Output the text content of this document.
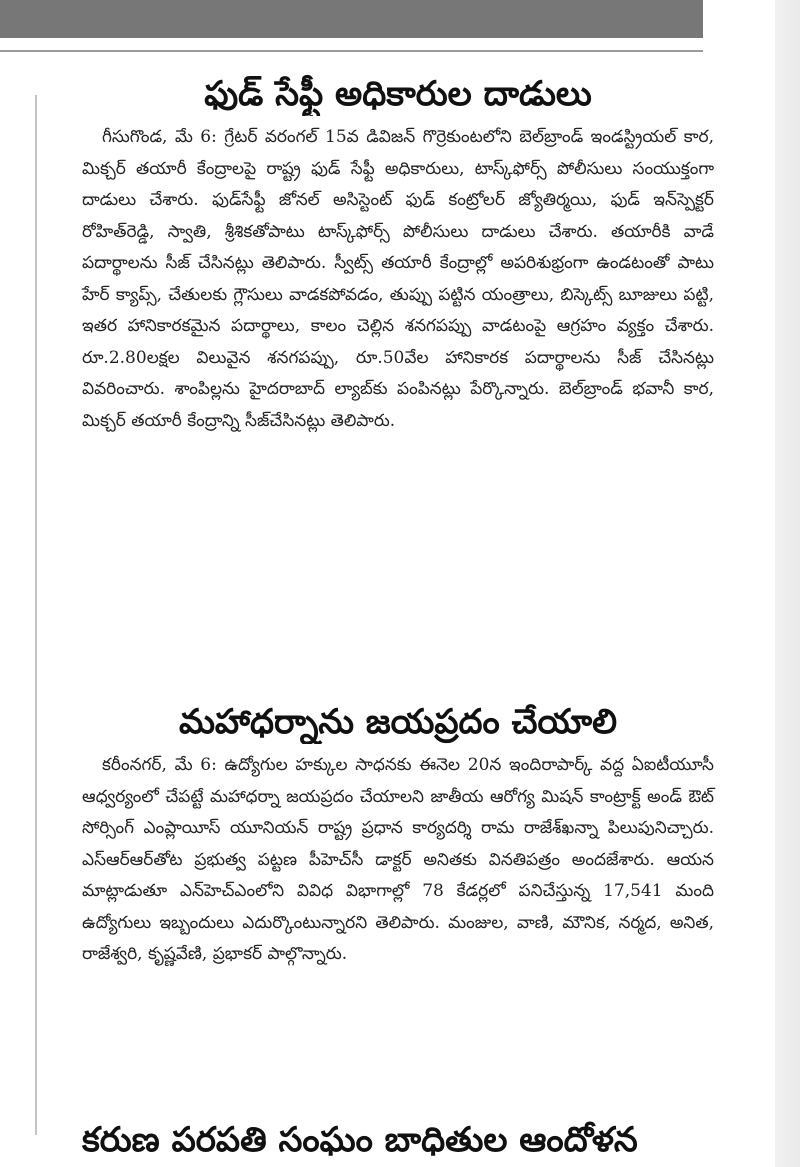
ఫుడ్ సేఫ్టీ అధికారుల దాడులు

గీసుగొండ, మే 6: గ్రేటర్ వరంగల్ 15వ డివిజన్ గొర్రెకుంటలోని బెల్‌బ్రాండ్ ఇండస్ట్రియల్ కార, మిక్చర్ తయారీ కేంద్రాలపై రాష్ట్ర ఫుడ్ సేఫ్టీ అధికారులు, టాస్క్‌ఫోర్స్ పోలీసులు సంయుక్తంగా దాడులు చేశారు. ఫుడ్‌సేఫ్టీ జోనల్ అసిస్టెంట్ ఫుడ్ కంట్రోలర్ జ్యోతిర్మయి, ఫుడ్ ఇన్‌స్పెక్టర్ రోహిత్‌రెడ్డి, స్వాతి, శ్రీశికతోపాటు టాస్క్‌ఫోర్స్ పోలీసులు దాడులు చేశారు. తయారీకి వాడే పదార్థాలను సీజ్ చేసినట్లు తెలిపారు. స్వీట్స్ తయారీ కేంద్రాల్లో అపరిశుభ్రంగా ఉండటంతో పాటు హేర్ క్యాప్స్, చేతులకు గ్లౌసులు వాడకపోవడం, తుప్పు పట్టిన యంత్రాలు, బిస్కెట్స్ బూజులు పట్టి, ఇతర హానికారకమైన పదార్థాలు, కాలం చెల్లిన శనగపప్పు వాడటంపై ఆగ్రహం వ్యక్తం చేశారు. రూ.2.80లక్షల విలువైన శనగపప్పు, రూ.50వేల హానికారక పదార్థాలను సీజ్ చేసినట్లు వివరించారు. శాంపిల్లను హైదరాబాద్ ల్యాబ్‌కు పంపినట్లు పేర్కొన్నారు. బెల్‌బ్రాండ్ భవానీ కార, మిక్చర్ తయారీ కేంద్రాన్ని సీజ్‌చేసినట్లు తెలిపారు.

మహాధర్నాను జయప్రదం చేయాలి

కరీంనగర్, మే 6: ఉద్యోగుల హక్కుల సాధనకు ఈనెల 20న ఇందిరాపార్క్ వద్ద ఏఐటీయూసీ ఆధ్వర్యంలో చేపట్టే మహాధర్నా జయప్రదం చేయాలని జాతీయ ఆరోగ్య మిషన్ కాంట్రాక్ట్ అండ్ ఔట్ సోర్సింగ్ ఎంప్లాయీస్ యూనియన్ రాష్ట్ర ప్రధాన కార్యదర్శి రామ రాజేశ్‌ఖన్నా పిలుపునిచ్చారు. ఎస్‌ఆర్‌ఆర్‌తోట ప్రభుత్వ పట్టణ పీహెచ్‌సీ డాక్టర్ అనితకు వినతిపత్రం అందజేశారు. ఆయన మాట్లాడుతూ ఎన్‌హెచ్‌ఎంలోని వివిధ విభాగాల్లో 78 కేడర్లలో పనిచేస్తున్న 17,541 మంది ఉద్యోగులు ఇబ్బందులు ఎదుర్కొంటున్నారని తెలిపారు. మంజుల, వాణి, మౌనిక, నర్మద, అనిత, రాజేశ్వరి, కృష్ణవేణి, ప్రభాకర్ పాల్గొన్నారు.

కరుణ పరపతి సంఘం బాధితుల ఆందోళన
